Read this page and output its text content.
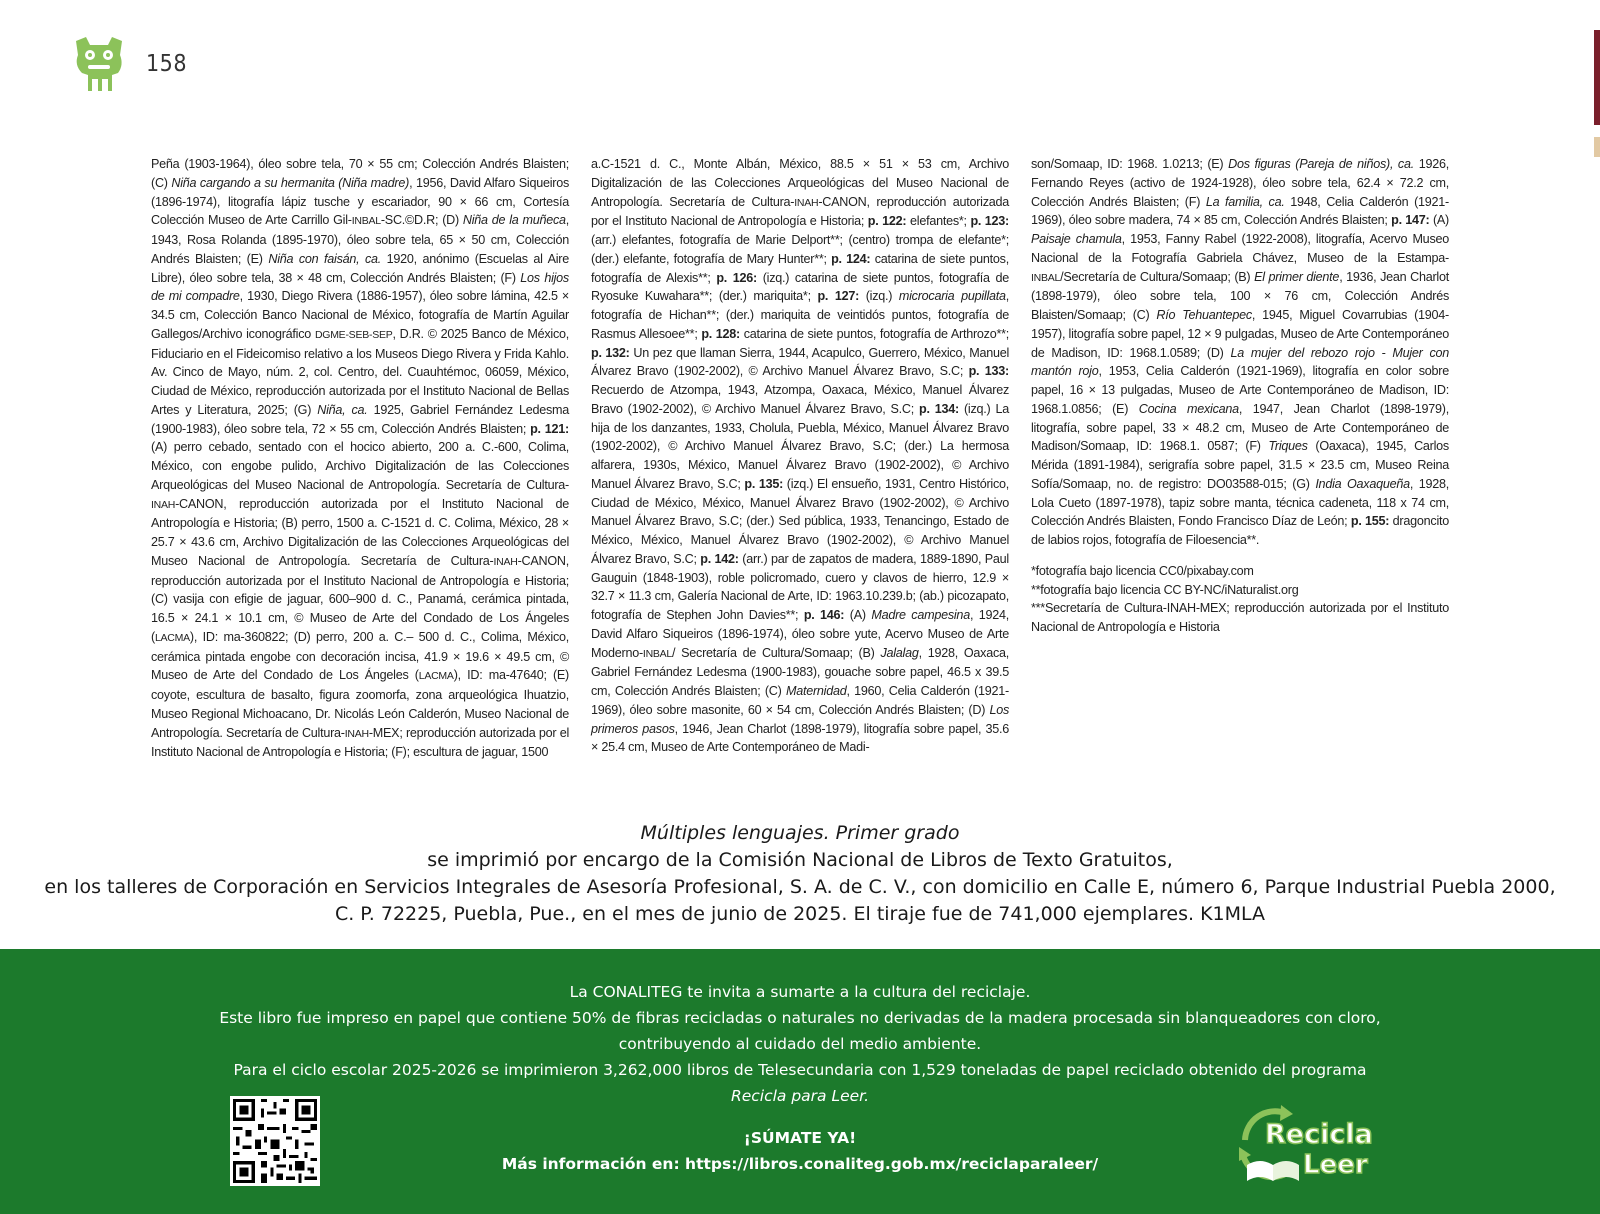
158

Peña (1903-1964), óleo sobre tela, 70 × 55 cm; Colección Andrés Blaisten; (C) Niña cargando a su hermanita (Niña madre), 1956, David Alfaro Siqueiros (1896-1974), litografía lápiz tusche y escariador, 90 × 66 cm, Cortesía Colección Museo de Arte Carrillo Gil-INBAL-SC.©D.R; (D) Niña de la muñeca, 1943, Rosa Rolanda (1895-1970), óleo sobre tela, 65 × 50 cm, Colección Andrés Blaisten; (E) Niña con faisán, ca. 1920, anónimo (Escuelas al Aire Libre), óleo sobre tela, 38 × 48 cm, Colección Andrés Blaisten; (F) Los hijos de mi compadre, 1930, Diego Rivera (1886-1957), óleo sobre lámina, 42.5 × 34.5 cm, Colección Banco Nacional de México, fotografía de Martín Aguilar Gallegos/Archivo iconográfico DGME-SEB-SEP, D.R. © 2025 Banco de México, Fiduciario en el Fideicomiso relativo a los Museos Diego Rivera y Frida Kahlo. Av. Cinco de Mayo, núm. 2, col. Centro, del. Cuauhtémoc, 06059, México, Ciudad de México, reproducción autorizada por el Instituto Nacional de Bellas Artes y Literatura, 2025; (G) Niña, ca. 1925, Gabriel Fernández Ledesma (1900-1983), óleo sobre tela, 72 × 55 cm, Colección Andrés Blaisten; p. 121: (A) perro cebado, sentado con el hocico abierto, 200 a. C.-600, Colima, México, con engobe pulido, Archivo Digitalización de las Colecciones Arqueológicas del Museo Nacional de Antropología. Secretaría de Cultura-INAH-CANON, reproducción autorizada por el Instituto Nacional de Antropología e Historia; (B) perro, 1500 a. C-1521 d. C. Colima, México, 28 × 25.7 × 43.6 cm, Archivo Digitalización de las Colecciones Arqueológicas del Museo Nacional de Antropología. Secretaría de Cultura-INAH-CANON, reproducción autorizada por el Instituto Nacional de Antropología e Historia; (C) vasija con efigie de jaguar, 600–900 d. C., Panamá, cerámica pintada, 16.5 × 24.1 × 10.1 cm, © Museo de Arte del Condado de Los Ángeles (LACMA), ID: ma-360822; (D) perro, 200 a. C.– 500 d. C., Colima, México, cerámica pintada engobe con decoración incisa, 41.9 × 19.6 × 49.5 cm, © Museo de Arte del Condado de Los Ángeles (LACMA), ID: ma-47640; (E) coyote, escultura de basalto, figura zoomorfa, zona arqueológica Ihuatzio, Museo Regional Michoacano, Dr. Nicolás León Calderón, Museo Nacional de Antropología. Secretaría de Cultura-INAH-MEX; reproducción autorizada por el Instituto Nacional de Antropología e Historia; (F); escultura de jaguar, 1500

a.C-1521 d. C., Monte Albán, México, 88.5 × 51 × 53 cm, Archivo Digitalización de las Colecciones Arqueológicas del Museo Nacional de Antropología. Secretaría de Cultura-INAH-CANON, reproducción autorizada por el Instituto Nacional de Antropología e Historia; p. 122: elefantes*; p. 123: (arr.) elefantes, fotografía de Marie Delport**; (centro) trompa de elefante*; (der.) elefante, fotografía de Mary Hunter**; p. 124: catarina de siete puntos, fotografía de Alexis**; p. 126: (izq.) catarina de siete puntos, fotografía de Ryosuke Kuwahara**; (der.) mariquita*; p. 127: (izq.) microcaria pupillata, fotografía de Hichan**; (der.) mariquita de veintidós puntos, fotografía de Rasmus Allesoee**; p. 128: catarina de siete puntos, fotografía de Arthrozo**; p. 132: Un pez que llaman Sierra, 1944, Acapulco, Guerrero, México, Manuel Álvarez Bravo (1902-2002), © Archivo Manuel Álvarez Bravo, S.C; p. 133: Recuerdo de Atzompa, 1943, Atzompa, Oaxaca, México, Manuel Álvarez Bravo (1902-2002), © Archivo Manuel Álvarez Bravo, S.C; p. 134: (izq.) La hija de los danzantes, 1933, Cholula, Puebla, México, Manuel Álvarez Bravo (1902-2002), © Archivo Manuel Álvarez Bravo, S.C; (der.) La hermosa alfarera, 1930s, México, Manuel Álvarez Bravo (1902-2002), © Archivo Manuel Álvarez Bravo, S.C; p. 135: (izq.) El ensueño, 1931, Centro Histórico, Ciudad de México, México, Manuel Álvarez Bravo (1902-2002), © Archivo Manuel Álvarez Bravo, S.C; (der.) Sed pública, 1933, Tenancingo, Estado de México, México, Manuel Álvarez Bravo (1902-2002), © Archivo Manuel Álvarez Bravo, S.C; p. 142: (arr.) par de zapatos de madera, 1889-1890, Paul Gauguin (1848-1903), roble policromado, cuero y clavos de hierro, 12.9 × 32.7 × 11.3 cm, Galería Nacional de Arte, ID: 1963.10.239.b; (ab.) picozapato, fotografía de Stephen John Davies**; p. 146: (A) Madre campesina, 1924, David Alfaro Siqueiros (1896-1974), óleo sobre yute, Acervo Museo de Arte Moderno-INBAL/ Secretaría de Cultura/Somaap; (B) Jalalag, 1928, Oaxaca, Gabriel Fernández Ledesma (1900-1983), gouache sobre papel, 46.5 x 39.5 cm, Colección Andrés Blaisten; (C) Maternidad, 1960, Celia Calderón (1921-1969), óleo sobre masonite, 60 × 54 cm, Colección Andrés Blaisten; (D) Los primeros pasos, 1946, Jean Charlot (1898-1979), litografía sobre papel, 35.6 × 25.4 cm, Museo de Arte Contemporáneo de Madi-

son/Somaap, ID: 1968. 1.0213; (E) Dos figuras (Pareja de niños), ca. 1926, Fernando Reyes (activo de 1924-1928), óleo sobre tela, 62.4 × 72.2 cm, Colección Andrés Blaisten; (F) La familia, ca. 1948, Celia Calderón (1921-1969), óleo sobre madera, 74 × 85 cm, Colección Andrés Blaisten; p. 147: (A) Paisaje chamula, 1953, Fanny Rabel (1922-2008), litografía, Acervo Museo Nacional de la Fotografía Gabriela Chávez, Museo de la Estampa-INBAL/Secretaría de Cultura/Somaap; (B) El primer diente, 1936, Jean Charlot (1898-1979), óleo sobre tela, 100 × 76 cm, Colección Andrés Blaisten/Somaap; (C) Río Tehuantepec, 1945, Miguel Covarrubias (1904-1957), litografía sobre papel, 12 × 9 pulgadas, Museo de Arte Contemporáneo de Madison, ID: 1968.1.0589; (D) La mujer del rebozo rojo - Mujer con mantón rojo, 1953, Celia Calderón (1921-1969), litografía en color sobre papel, 16 × 13 pulgadas, Museo de Arte Contemporáneo de Madison, ID: 1968.1.0856; (E) Cocina mexicana, 1947, Jean Charlot (1898-1979), litografía, sobre papel, 33 × 48.2 cm, Museo de Arte Contemporáneo de Madison/Somaap, ID: 1968.1. 0587; (F) Triques (Oaxaca), 1945, Carlos Mérida (1891-1984), serigrafía sobre papel, 31.5 × 23.5 cm, Museo Reina Sofía/Somaap, no. de registro: DO03588-015; (G) India Oaxaqueña, 1928, Lola Cueto (1897-1978), tapiz sobre manta, técnica cadeneta, 118 x 74 cm, Colección Andrés Blaisten, Fondo Francisco Díaz de León; p. 155: dragoncito de labios rojos, fotografía de Filoesencia**.

*fotografía bajo licencia CC0/pixabay.com

**fotografía bajo licencia CC BY-NC/iNaturalist.org

***Secretaría de Cultura-INAH-MEX; reproducción autorizada por el Instituto Nacional de Antropología e Historia

Múltiples lenguajes. Primer grado
se imprimió por encargo de la Comisión Nacional de Libros de Texto Gratuitos,
en los talleres de Corporación en Servicios Integrales de Asesoría Profesional, S. A. de C. V., con domicilio en Calle E, número 6, Parque Industrial Puebla 2000,
C. P. 72225, Puebla, Pue., en el mes de junio de 2025. El tiraje fue de 741,000 ejemplares. K1MLA
La CONALITEG te invita a sumarte a la cultura del reciclaje.
Este libro fue impreso en papel que contiene 50% de fibras recicladas o naturales no derivadas de la madera procesada sin blanqueadores con cloro,
contribuyendo al cuidado del medio ambiente.
Para el ciclo escolar 2025-2026 se imprimieron 3,262,000 libros de Telesecundaria con 1,529 toneladas de papel reciclado obtenido del programa
Recicla para Leer.
¡SÚMATE YA!
Más información en: https://libros.conaliteg.gob.mx/reciclaparaleer/
Recicla
Leer
